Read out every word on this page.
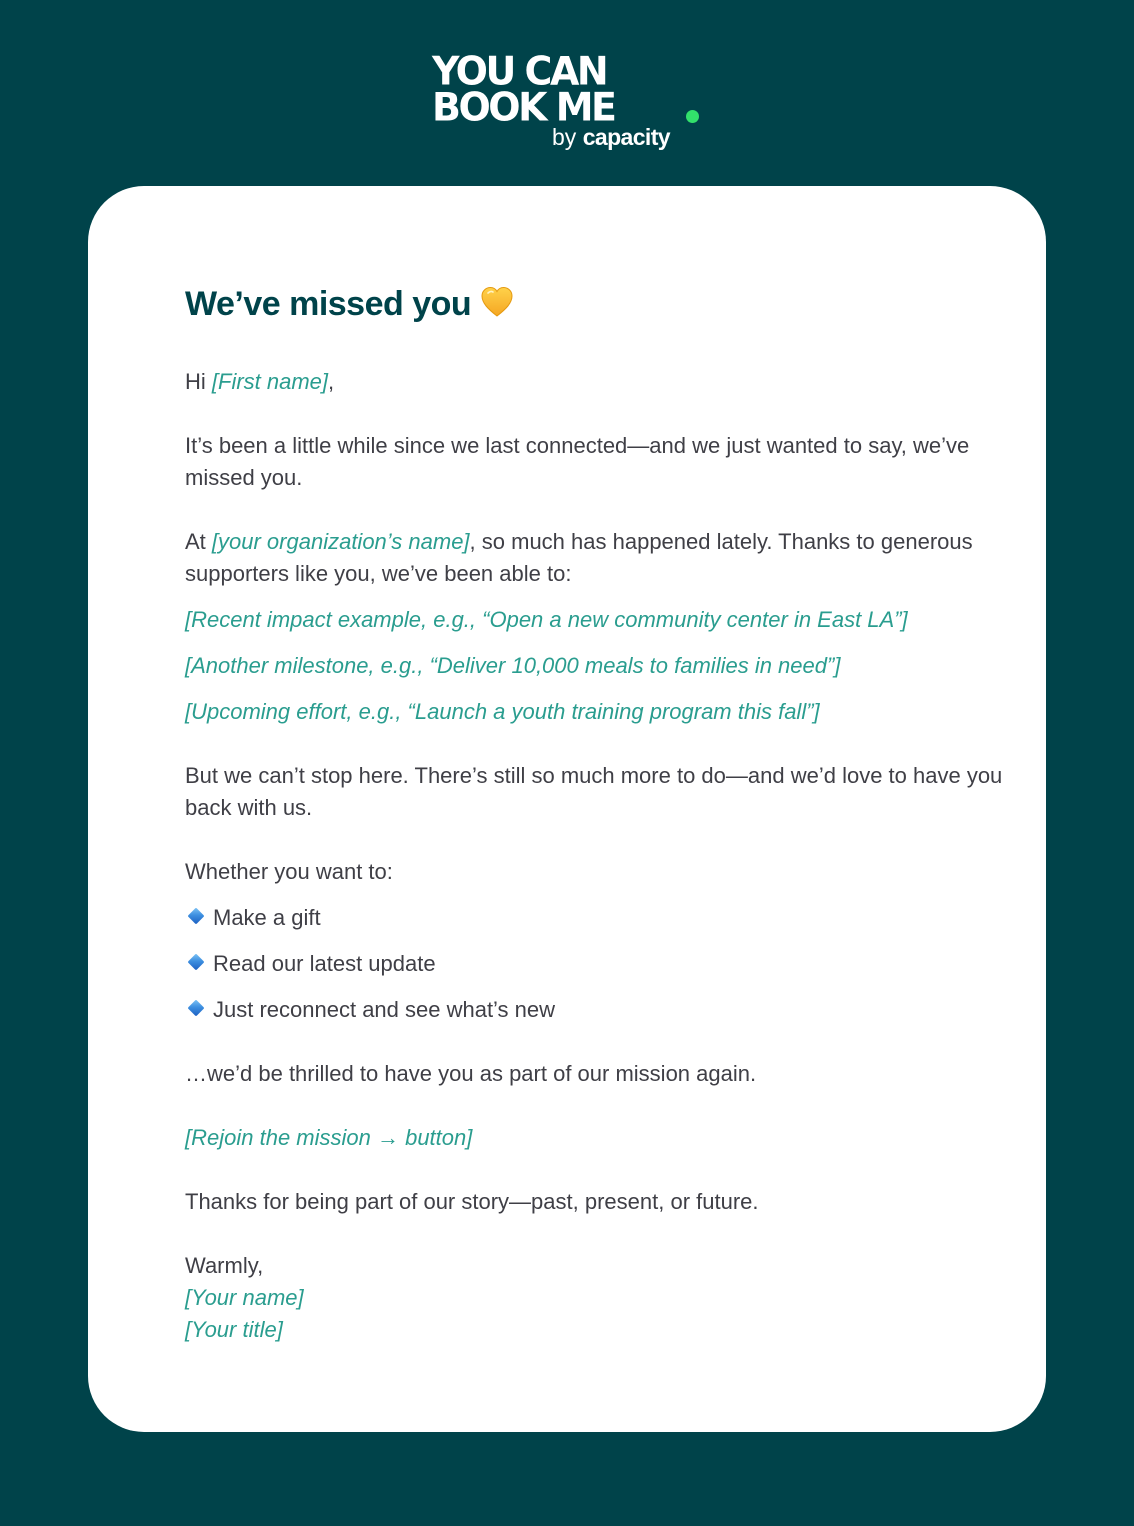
YOU CAN
BOOK ME
by capacity
We’ve missed you

Hi [First name],

It’s been a little while since we last connected—and we just wanted to say, we’ve missed you.

At [your organization’s name], so much has happened lately. Thanks to generous supporters like you, we’ve been able to:

[Recent impact example, e.g., “Open a new community center in East LA”]

[Another milestone, e.g., “Deliver 10,000 meals to families in need”]

[Upcoming effort, e.g., “Launch a youth training program this fall”]

But we can’t stop here. There’s still so much more to do—and we’d love to have you back with us.

Whether you want to:

Make a gift
Read our latest update
Just reconnect and see what’s new

…we’d be thrilled to have you as part of our mission again.

[Rejoin the mission → button]

Thanks for being part of our story—past, present, or future.

Warmly,

[Your name]

[Your title]
